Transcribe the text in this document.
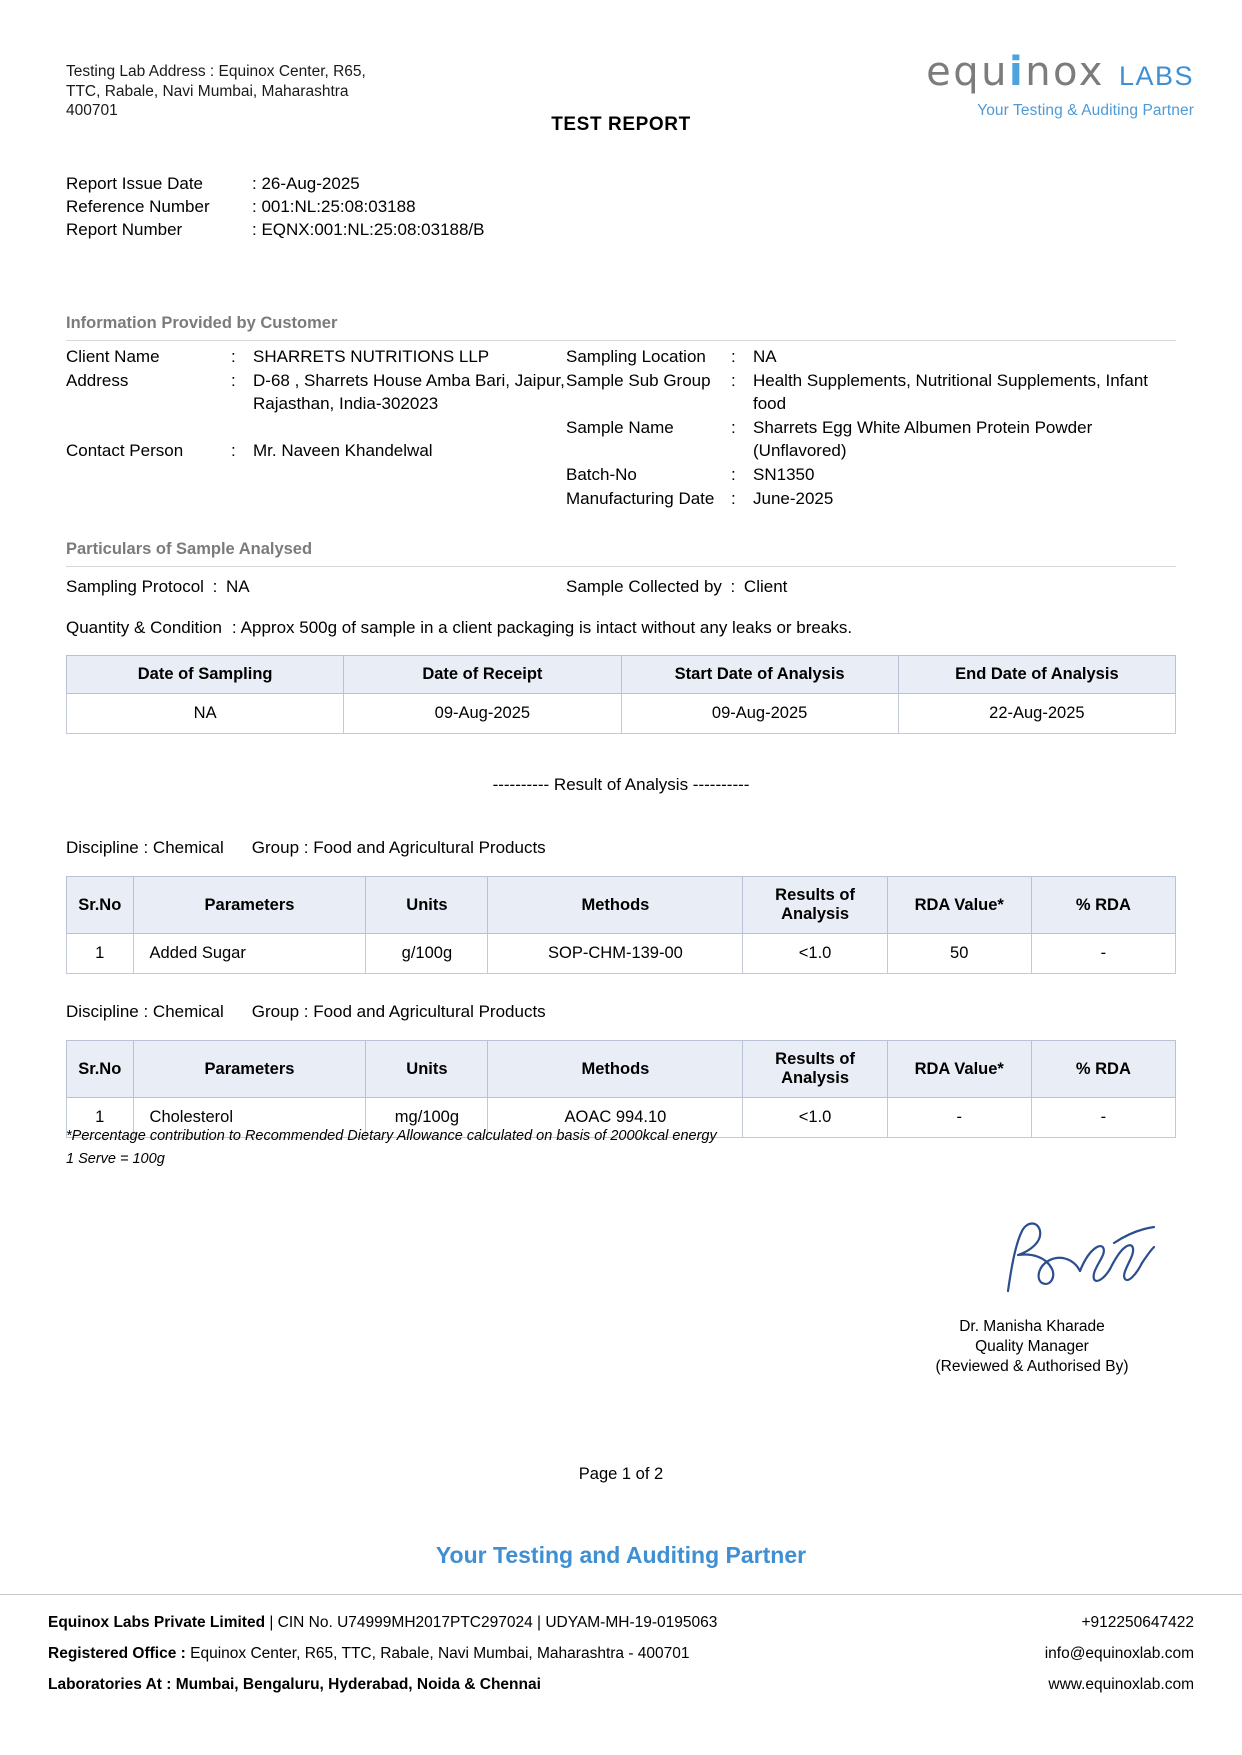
Testing Lab Address : Equinox Center, R65, TTC, Rabale, Navi Mumbai, Maharashtra 400701
equinox LABS
Your Testing & Auditing Partner
TEST REPORT
Report Issue Date	: 26-Aug-2025
Reference Number	: 001:NL:25:08:03188
Report Number	: EQNX:001:NL:25:08:03188/B
Information Provided by Customer
Client Name	:	SHARRETS NUTRITIONS LLP
Address	:	D-68 , Sharrets House Amba Bari, Jaipur, Rajasthan, India-302023
Contact Person	:	Mr. Naveen Khandelwal
Sampling Location	:	NA
Sample Sub Group	:	Health Supplements, Nutritional Supplements, Infant food
Sample Name	:	Sharrets Egg White Albumen Protein Powder (Unflavored)
Batch-No	:	SN1350
Manufacturing Date :	June-2025
Particulars of Sample Analysed
Sampling Protocol : NA	Sample Collected by : Client
Quantity & Condition : Approx 500g of sample in a client packaging is intact without any leaks or breaks.
Date of Sampling	Date of Receipt	Start Date of Analysis	End Date of Analysis
NA	09-Aug-2025	09-Aug-2025	22-Aug-2025
---------- Result of Analysis ----------
Discipline : Chemical Group : Food and Agricultural Products
Sr.No	Parameters	Units	Methods	Results of Analysis	RDA Value*	% RDA
1	Added Sugar	g/100g	SOP-CHM-139-00	<1.0	50	-
Discipline : Chemical Group : Food and Agricultural Products
Sr.No	Parameters	Units	Methods	Results of Analysis	RDA Value*	% RDA
1	Cholesterol	mg/100g	AOAC 994.10	<1.0	-	-
*Percentage contribution to Recommended Dietary Allowance calculated on basis of 2000kcal energy
1 Serve = 100g
Dr. Manisha Kharade
Quality Manager
(Reviewed & Authorised By)
Page 1 of 2
Your Testing and Auditing Partner
Equinox Labs Private Limited | CIN No. U74999MH2017PTC297024 | UDYAM-MH-19-0195063	+912250647422
Registered Office : Equinox Center, R65, TTC, Rabale, Navi Mumbai, Maharashtra - 400701	info@equinoxlab.com
Laboratories At : Mumbai, Bengaluru, Hyderabad, Noida & Chennai	www.equinoxlab.com
